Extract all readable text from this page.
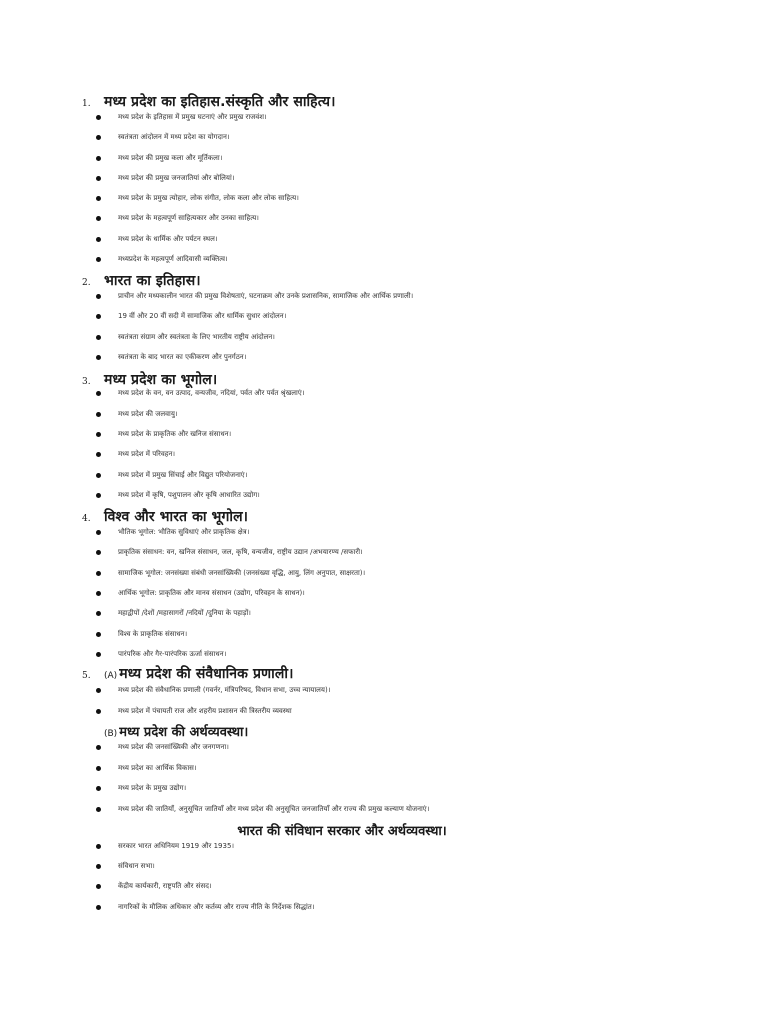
1. मध्य प्रदेश का इतिहास.संस्कृति और साहित्य।
मध्य प्रदेश के इतिहास में प्रमुख घटनाएं और प्रमुख राजवंश।
स्वतंत्रता आंदोलन में मध्य प्रदेश का योगदान।
मध्य प्रदेश की प्रमुख कला और मूर्तिकला।
मध्य प्रदेश की प्रमुख जनजातियां और बोलियां।
मध्य प्रदेश के प्रमुख त्योहार, लोक संगीत, लोक कला और लोक साहित्य।
मध्य प्रदेश के महत्वपूर्ण साहित्यकार और उनका साहित्य।
मध्य प्रदेश के धार्मिक और पर्यटन स्थल।
मध्यप्रदेश के महत्वपूर्ण आदिवासी व्यक्तित्व।
2. भारत का इतिहास।
प्राचीन और मध्यकालीन भारत की प्रमुख विशेषताएं, घटनाक्रम और उनके प्रशासनिक, सामाजिक और आर्थिक प्रणाली।
19 वीं और 20 वीं सदी में सामाजिक और धार्मिक सुधार आंदोलन।
स्वतंत्रता संग्राम और स्वतंत्रता के लिए भारतीय राष्ट्रीय आंदोलन।
स्वतंत्रता के बाद भारत का एकीकरण और पुनर्गठन।
3. मध्य प्रदेश का भूगोल।
मध्य प्रदेश के वन, वन उत्पाद, वन्यजीव, नदियां, पर्वत और पर्वत श्रृंखलाएं।
मध्य प्रदेश की जलवायु।
मध्य प्रदेश के प्राकृतिक और खनिज संसाधन।
मध्य प्रदेश में परिवहन।
मध्य प्रदेश में प्रमुख सिंचाई और विद्युत परियोजनाएं।
मध्य प्रदेश में कृषि, पशुपालन और कृषि आधारित उद्योग।
4. विश्व और भारत का भूगोल।
भौतिक भूगोल: भौतिक सुविधाएं और प्राकृतिक क्षेत्र।
प्राकृतिक संसाधन: वन, खनिज संसाधन, जल, कृषि, वन्यजीव, राष्ट्रीय उद्यान /अभयारण्य /सफारी।
सामाजिक भूगोल: जनसंख्या संबंधी जनसांख्यिकी (जनसंख्या वृद्धि, आयु, लिंग अनुपात, साक्षरता)।
आर्थिक भूगोल: प्राकृतिक और मानव संसाधन (उद्योग, परिवहन के साधन)।
महाद्वीपों /देशों /महासागरों /नदियों /दुनिया के पहाड़ों।
विश्व के प्राकृतिक संसाधन।
पारंपरिक और गैर-पारंपरिक ऊर्जा संसाधन।
5.	(A) मध्य प्रदेश की संवैधानिक प्रणाली।
मध्य प्रदेश की संवैधानिक प्रणाली (गवर्नर, मंत्रिपरिषद, विधान सभा, उच्च न्यायालय)।
मध्य प्रदेश में पंचायती राज और शहरीय प्रशासन की त्रिस्तरीय व्यवस्था
(B) मध्य प्रदेश की अर्थव्यवस्था।
मध्य प्रदेश की जनसांख्यिकी और जनगणना।
मध्य प्रदेश का आर्थिक विकास।
मध्य प्रदेश के प्रमुख उद्योग।
मध्य प्रदेश की जातियाँ, अनुसूचित जातियाँ और मध्य प्रदेश की अनुसूचित जनजातियाँ और राज्य की प्रमुख कल्याण योजनाएं।
भारत की संविधान सरकार और अर्थव्यवस्था।
सरकार भारत अधिनियम 1919 और 1935।
संविधान सभा।
केंद्रीय कार्यकारी, राष्ट्रपति और संसद।
नागरिकों के मौलिक अधिकार और कर्तव्य और राज्य नीति के निर्देशक सिद्धांत।
